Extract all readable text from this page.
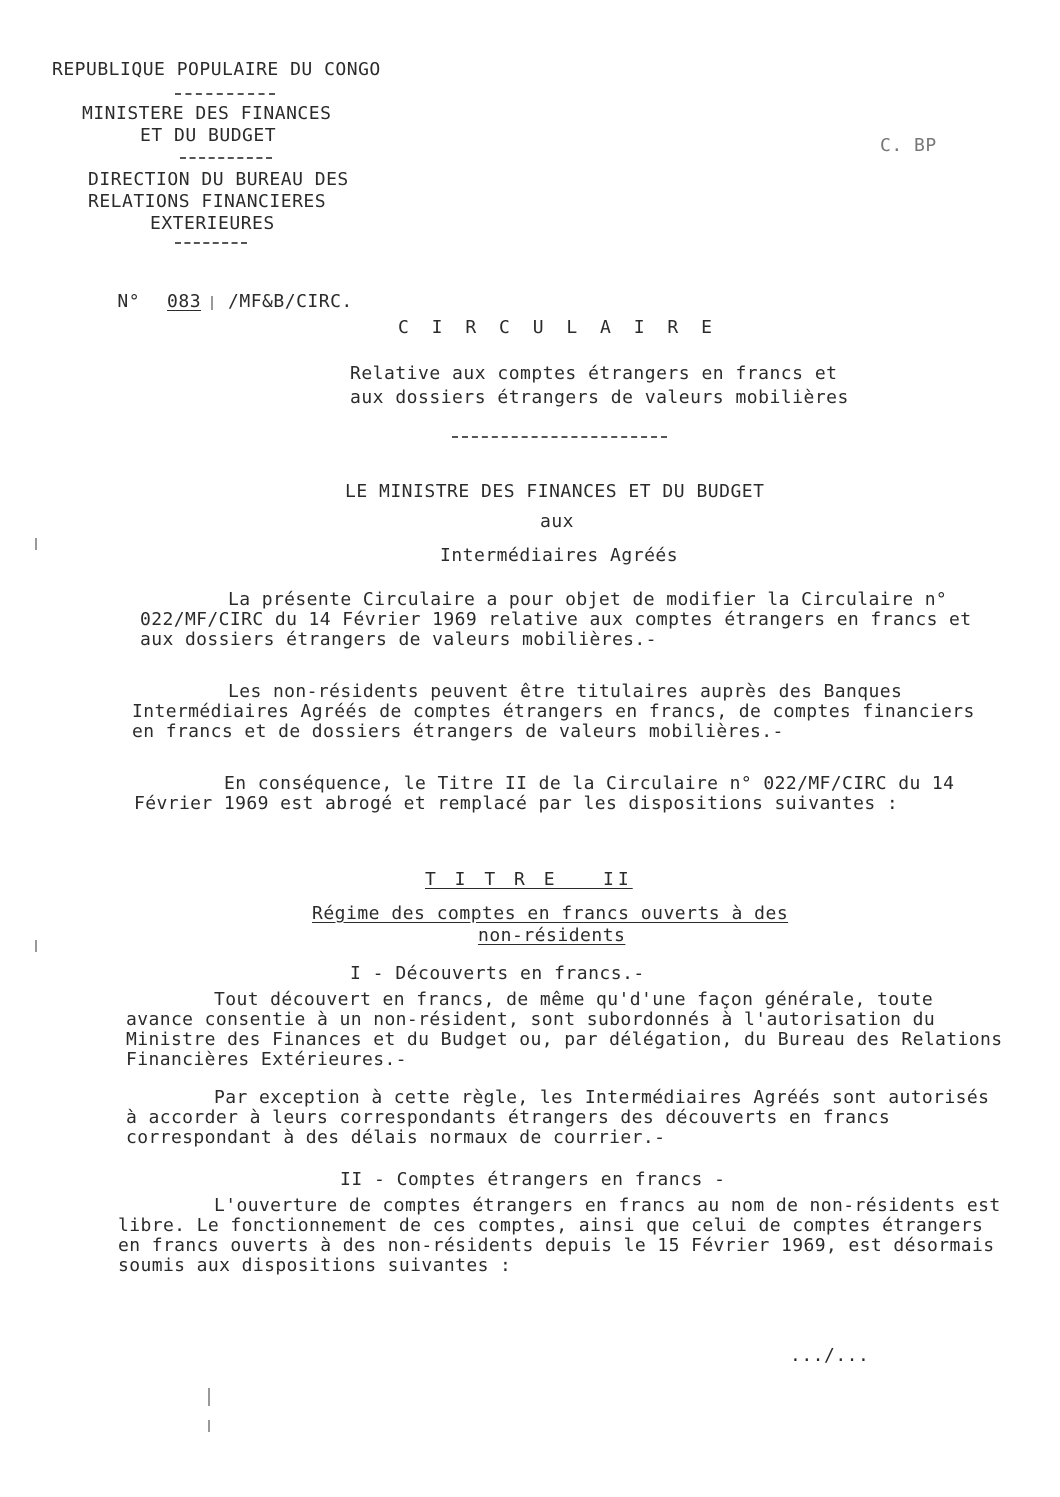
REPUBLIQUE POPULAIRE DU CONGO
MINISTERE DES FINANCES
ET DU BUDGET
DIRECTION DU BUREAU DES
RELATIONS FINANCIERES
EXTERIEURES
C. BP

N° 083 /MF&B/CIRC.

C I R C U L A I R E
Relative aux comptes étrangers en francs et
aux dossiers étrangers de valeurs mobilières
LE MINISTRE DES FINANCES ET DU BUDGET
aux
Intermédiaires Agréés
La présente Circulaire a pour objet de modifier la Circulaire n° 022/MF/CIRC du 14 Février 1969 relative aux comptes étrangers en francs et aux dossiers étrangers de valeurs mobilières.-
Les non-résidents peuvent être titulaires auprès des Banques Intermédiaires Agréés de comptes étrangers en francs, de comptes financiers en francs et de dossiers étrangers de valeurs mobilières.-
En conséquence, le Titre II de la Circulaire n° 022/MF/CIRC du 14 Février 1969 est abrogé et remplacé par les dispositions suivantes :
T I T R E   II
Régime des comptes en francs ouverts à des
non-résidents
I - Découverts en francs.-
Tout découvert en francs, de même qu'd'une façon générale, toute avance consentie à un non-résident, sont subordonnés à l'autorisation du Ministre des Finances et du Budget ou, par délégation, du Bureau des Relations Financières Extérieures.-
Par exception à cette règle, les Intermédiaires Agréés sont autorisés à accorder à leurs correspondants étrangers des découverts en francs correspondant à des délais normaux de courrier.-
II - Comptes étrangers en francs -
L'ouverture de comptes étrangers en francs au nom de non-résidents est libre. Le fonctionnement de ces comptes, ainsi que celui de comptes étrangers en francs ouverts à des non-résidents depuis le 15 Février 1969, est désormais soumis aux dispositions suivantes :
.../...
